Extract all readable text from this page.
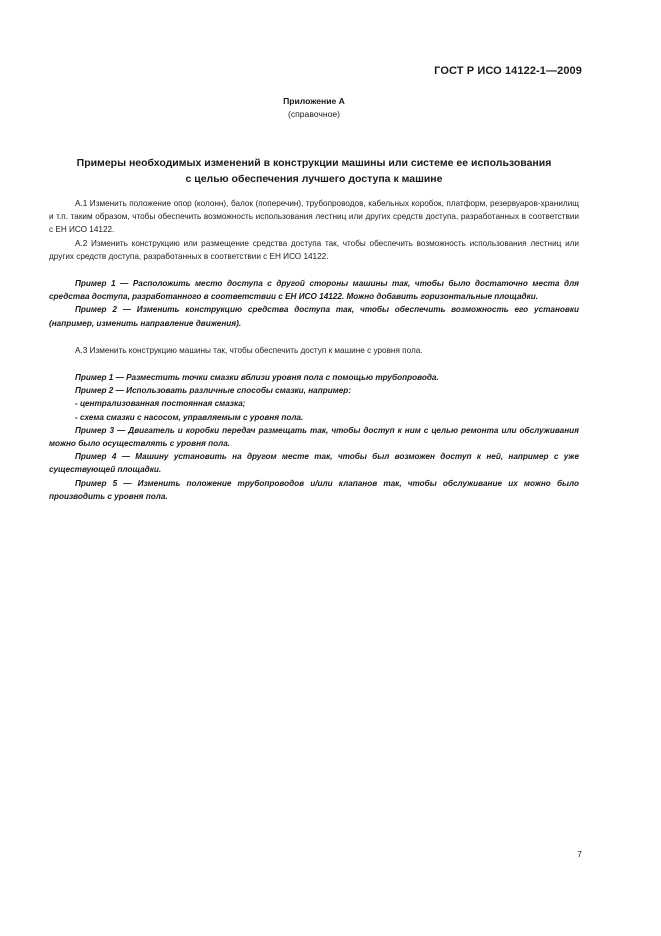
ГОСТ Р ИСО 14122-1—2009
Приложение А
(справочное)
Примеры необходимых изменений в конструкции машины или системе ее использования
с целью обеспечения лучшего доступа к машине

А.1 Изменить положение опор (колонн), балок (поперечин), трубопроводов, кабельных коробок, платформ, резервуаров-хранилищ и т.п. таким образом, чтобы обеспечить возможность использования лестниц или других средств доступа, разработанных в соответствии с ЕН ИСО 14122.

А.2 Изменить конструкцию или размещение средства доступа так, чтобы обеспечить возможность использования лестниц или других средств доступа, разработанных в соответствии с ЕН ИСО 14122.

Пример 1 — Расположить место доступа с другой стороны машины так, чтобы было достаточно места для средства доступа, разработанного в соответствии с ЕН ИСО 14122. Можно добавить горизонтальные площадки.

Пример 2 — Изменить конструкцию средства доступа так, чтобы обеспечить возможность его установки (например, изменить направление движения).

А.3 Изменить конструкцию машины так, чтобы обеспечить доступ к машине с уровня пола.

Пример 1 — Разместить точки смазки вблизи уровня пола с помощью трубопровода.

Пример 2 — Использовать различные способы смазки, например:

- централизованная постоянная смазка;

- схема смазки с насосом, управляемым с уровня пола.

Пример 3 — Двигатель и коробки передач размещать так, чтобы доступ к ним с целью ремонта или обслуживания можно было осуществлять с уровня пола.

Пример 4 — Машину установить на другом месте так, чтобы был возможен доступ к ней, например с уже существующей площадки.

Пример 5 — Изменить положение трубопроводов и/или клапанов так, чтобы обслуживание их можно было производить с уровня пола.

7
